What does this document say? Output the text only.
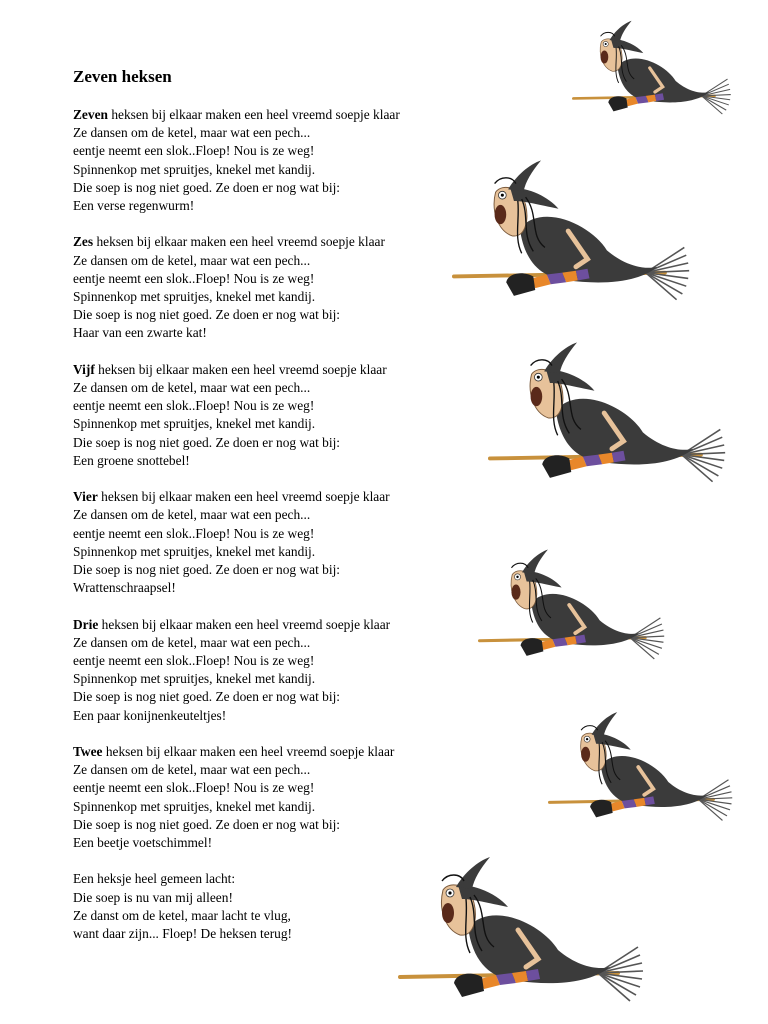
Zeven heksen

Zeven heksen bij elkaar maken een heel vreemd soepje klaar
Ze dansen om de ketel, maar wat een pech...
eentje neemt een slok..Floep! Nou is ze weg!
Spinnenkop met spruitjes, knekel met kandij.
Die soep is nog niet goed. Ze doen er nog wat bij:
Een verse regenwurm!

Zes heksen bij elkaar maken een heel vreemd soepje klaar
Ze dansen om de ketel, maar wat een pech...
eentje neemt een slok..Floep! Nou is ze weg!
Spinnenkop met spruitjes, knekel met kandij.
Die soep is nog niet goed. Ze doen er nog wat bij:
Haar van een zwarte kat!

Vijf heksen bij elkaar maken een heel vreemd soepje klaar
Ze dansen om de ketel, maar wat een pech...
eentje neemt een slok..Floep! Nou is ze weg!
Spinnenkop met spruitjes, knekel met kandij.
Die soep is nog niet goed. Ze doen er nog wat bij:
Een groene snottebel!

Vier heksen bij elkaar maken een heel vreemd soepje klaar
Ze dansen om de ketel, maar wat een pech...
eentje neemt een slok..Floep! Nou is ze weg!
Spinnenkop met spruitjes, knekel met kandij.
Die soep is nog niet goed. Ze doen er nog wat bij:
Wrattenschraapsel!

Drie heksen bij elkaar maken een heel vreemd soepje klaar
Ze dansen om de ketel, maar wat een pech...
eentje neemt een slok..Floep! Nou is ze weg!
Spinnenkop met spruitjes, knekel met kandij.
Die soep is nog niet goed. Ze doen er nog wat bij:
Een paar konijnenkeuteltjes!

Twee heksen bij elkaar maken een heel vreemd soepje klaar
Ze dansen om de ketel, maar wat een pech...
eentje neemt een slok..Floep! Nou is ze weg!
Spinnenkop met spruitjes, knekel met kandij.
Die soep is nog niet goed. Ze doen er nog wat bij:
Een beetje voetschimmel!

Een heksje heel gemeen lacht:
Die soep is nu van mij alleen!
Ze danst om de ketel, maar lacht te vlug,
want daar zijn... Floep! De heksen terug!
